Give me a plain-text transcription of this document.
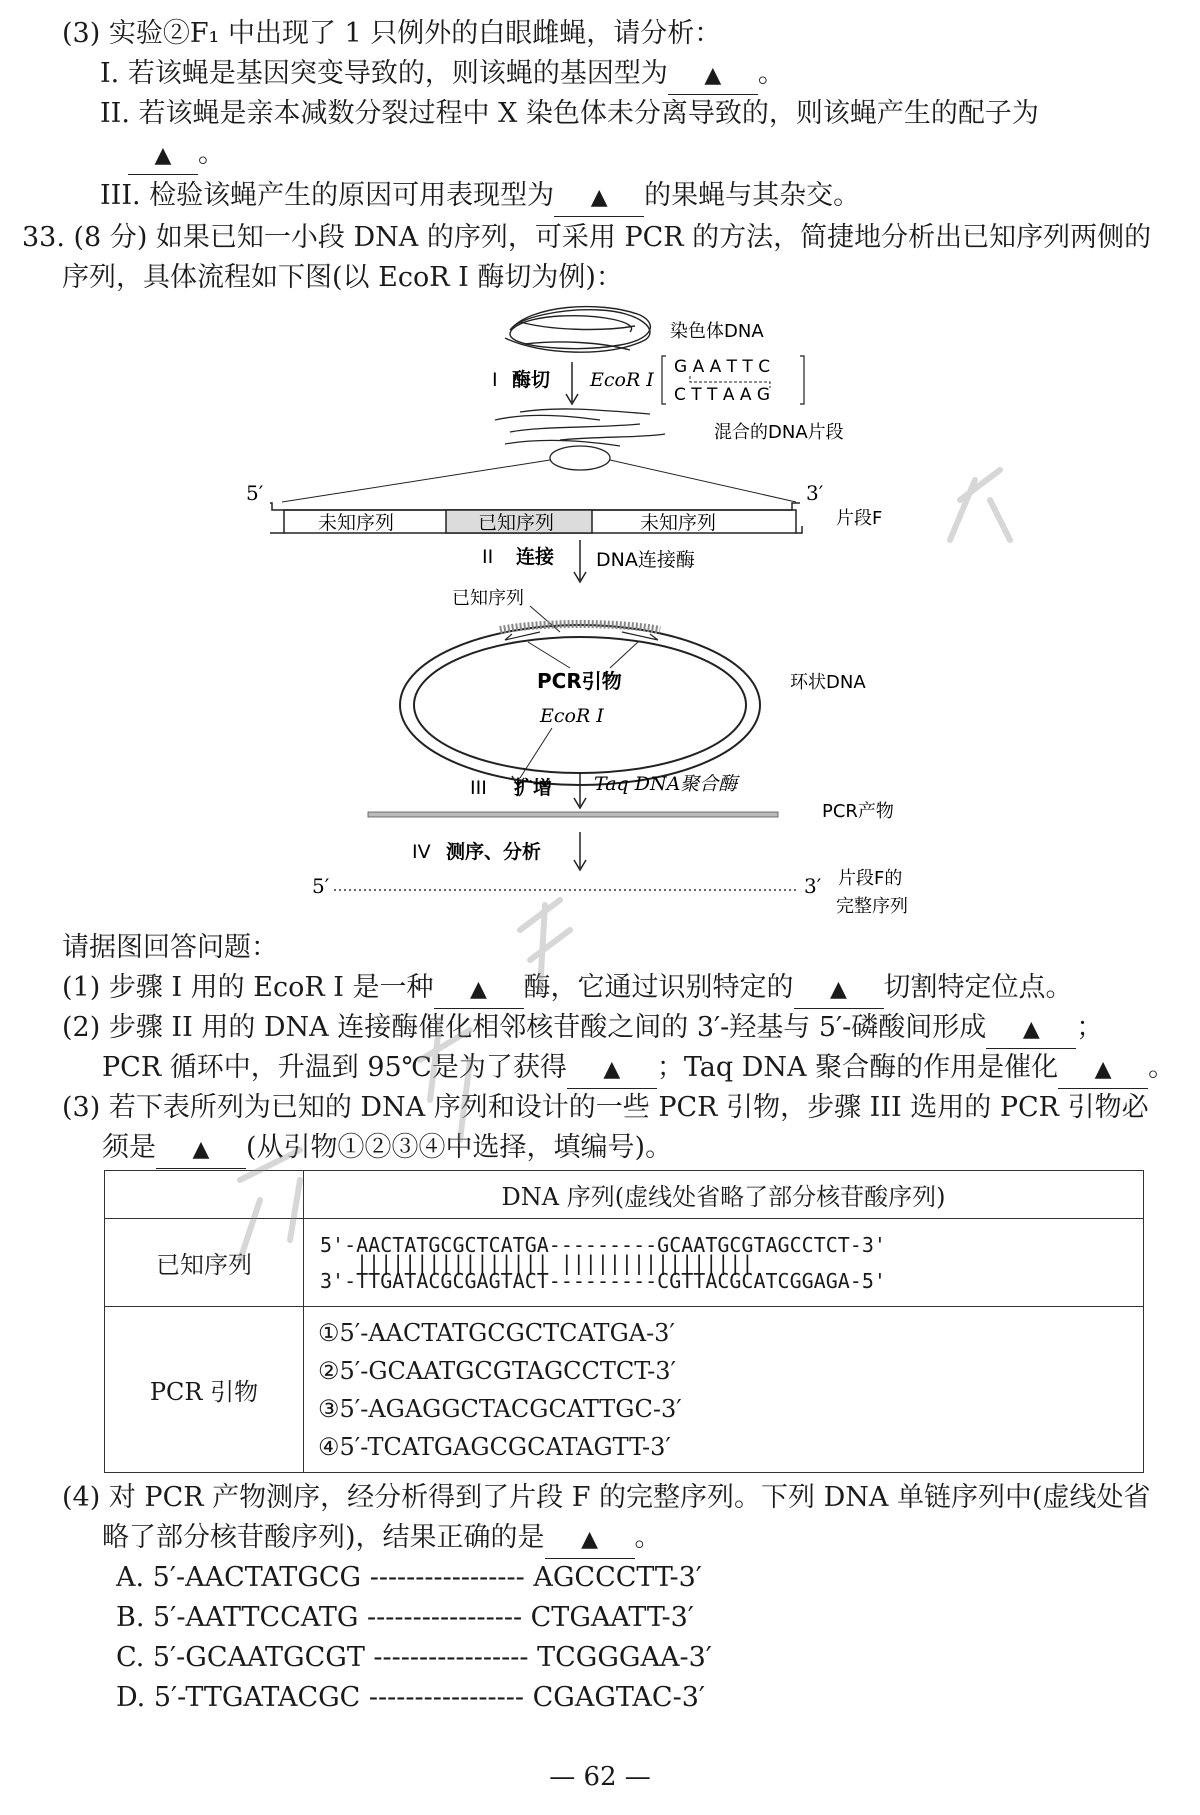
(3) 实验②F₁ 中出现了 1 只例外的白眼雌蝇，请分析：
I. 若该蝇是基因突变导致的，则该蝇的基因型为 ▲ 。
II. 若该蝇是亲本减数分裂过程中 X 染色体未分离导致的，则该蝇产生的配子为
▲ 。
III. 检验该蝇产生的原因可用表现型为 ▲ 的果蝇与其杂交。
33. (8 分) 如果已知一小段 DNA 的序列，可采用 PCR 的方法，简捷地分析出已知序列两侧的
序列，具体流程如下图(以 EcoR I 酶切为例)：
染色体DNA
I 酶切 EcoR I
G A A T T C
C T T A A G
混合的DNA片段
5′	3′
未知序列	已知序列	未知序列	片段F
II 连接 DNA连接酶
已知序列
PCR引物
EcoR I
环状DNA
III 扩增 Taq DNA聚合酶
PCR产物
IV 测序、分析
5′	3′ 片段F的
完整序列
请据图回答问题：
(1) 步骤 I 用的 EcoR I 是一种 ▲ 酶，它通过识别特定的 ▲ 切割特定位点。
(2) 步骤 II 用的 DNA 连接酶催化相邻核苷酸之间的 3′-羟基与 5′-磷酸间形成 ▲ ；
PCR 循环中，升温到 95℃是为了获得 ▲ ；Taq DNA 聚合酶的作用是催化 ▲ 。
(3) 若下表所列为已知的 DNA 序列和设计的一些 PCR 引物，步骤 III 选用的 PCR 引物必
须是 ▲ (从引物①②③④中选择，填编号)。
	DNA 序列(虚线处省略了部分核苷酸序列)
已知序列	5'-AACTATGCGCTCATGA---------GCAATGCGTAGCCTCT-3'
|||||||||||||||| ||||||||||||||||
3'-TTGATACGCGAGTACT---------CGTTACGCATCGGAGA-5'

PCR 引物	①5′-AACTATGCGCTCATGA-3′
②5′-GCAATGCGTAGCCTCT-3′
③5′-AGAGGCTACGCATTGC-3′
④5′-TCATGAGCGCATAGTT-3′
(4) 对 PCR 产物测序，经分析得到了片段 F 的完整序列。下列 DNA 单链序列中(虚线处省
略了部分核苷酸序列)，结果正确的是 ▲ 。
A. 5′-AACTATGCG ----------------- AGCCCTT-3′
B. 5′-AATTCCATG ----------------- CTGAATT-3′
C. 5′-GCAATGCGT ----------------- TCGGGAA-3′
D. 5′-TTGATACGC ----------------- CGAGTAC-3′
— 62 —
